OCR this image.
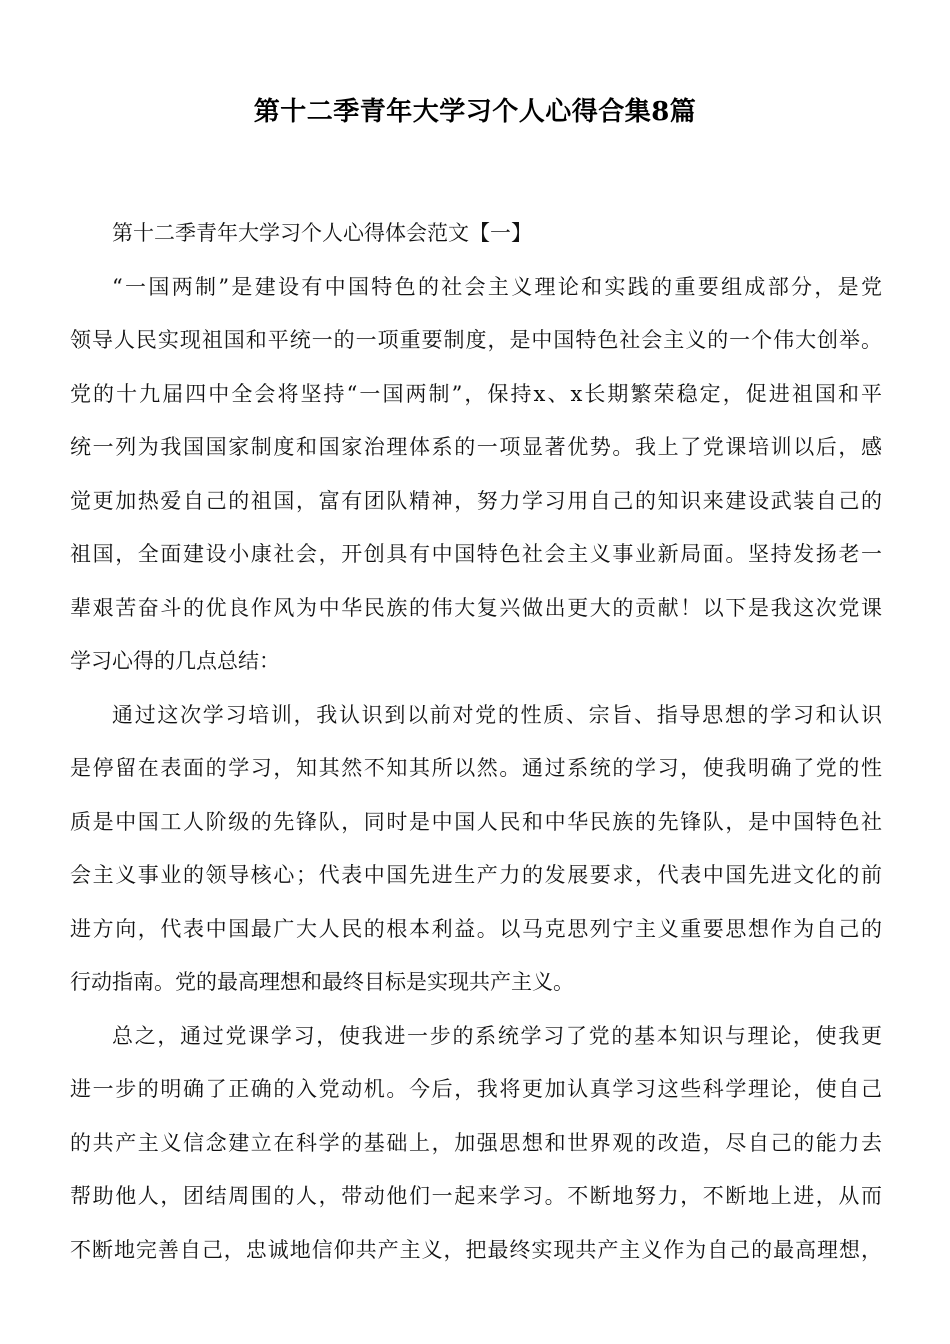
第十二季青年大学习个人心得合集8篇
第十二季青年大学习个人心得体会范文【一】
“一国两制”是建设有中国特色的社会主义理论和实践的重要组成部分，是党
领导人民实现祖国和平统一的一项重要制度，是中国特色社会主义的一个伟大创举。
党的十九届四中全会将坚持“一国两制”，保持x、x长期繁荣稳定，促进祖国和平
统一列为我国国家制度和国家治理体系的一项显著优势。我上了党课培训以后，感
觉更加热爱自己的祖国，富有团队精神，努力学习用自己的知识来建设武装自己的
祖国，全面建设小康社会，开创具有中国特色社会主义事业新局面。坚持发扬老一
辈艰苦奋斗的优良作风为中华民族的伟大复兴做出更大的贡献！以下是我这次党课
学习心得的几点总结：
通过这次学习培训，我认识到以前对党的性质、宗旨、指导思想的学习和认识
是停留在表面的学习，知其然不知其所以然。通过系统的学习，使我明确了党的性
质是中国工人阶级的先锋队，同时是中国人民和中华民族的先锋队，是中国特色社
会主义事业的领导核心；代表中国先进生产力的发展要求，代表中国先进文化的前
进方向，代表中国最广大人民的根本利益。以马克思列宁主义重要思想作为自己的
行动指南。党的最高理想和最终目标是实现共产主义。
总之，通过党课学习，使我进一步的系统学习了党的基本知识与理论，使我更
进一步的明确了正确的入党动机。今后，我将更加认真学习这些科学理论，使自己
的共产主义信念建立在科学的基础上，加强思想和世界观的改造，尽自己的能力去
帮助他人，团结周围的人，带动他们一起来学习。不断地努力，不断地上进，从而
不断地完善自己，忠诚地信仰共产主义，把最终实现共产主义作为自己的最高理想，
